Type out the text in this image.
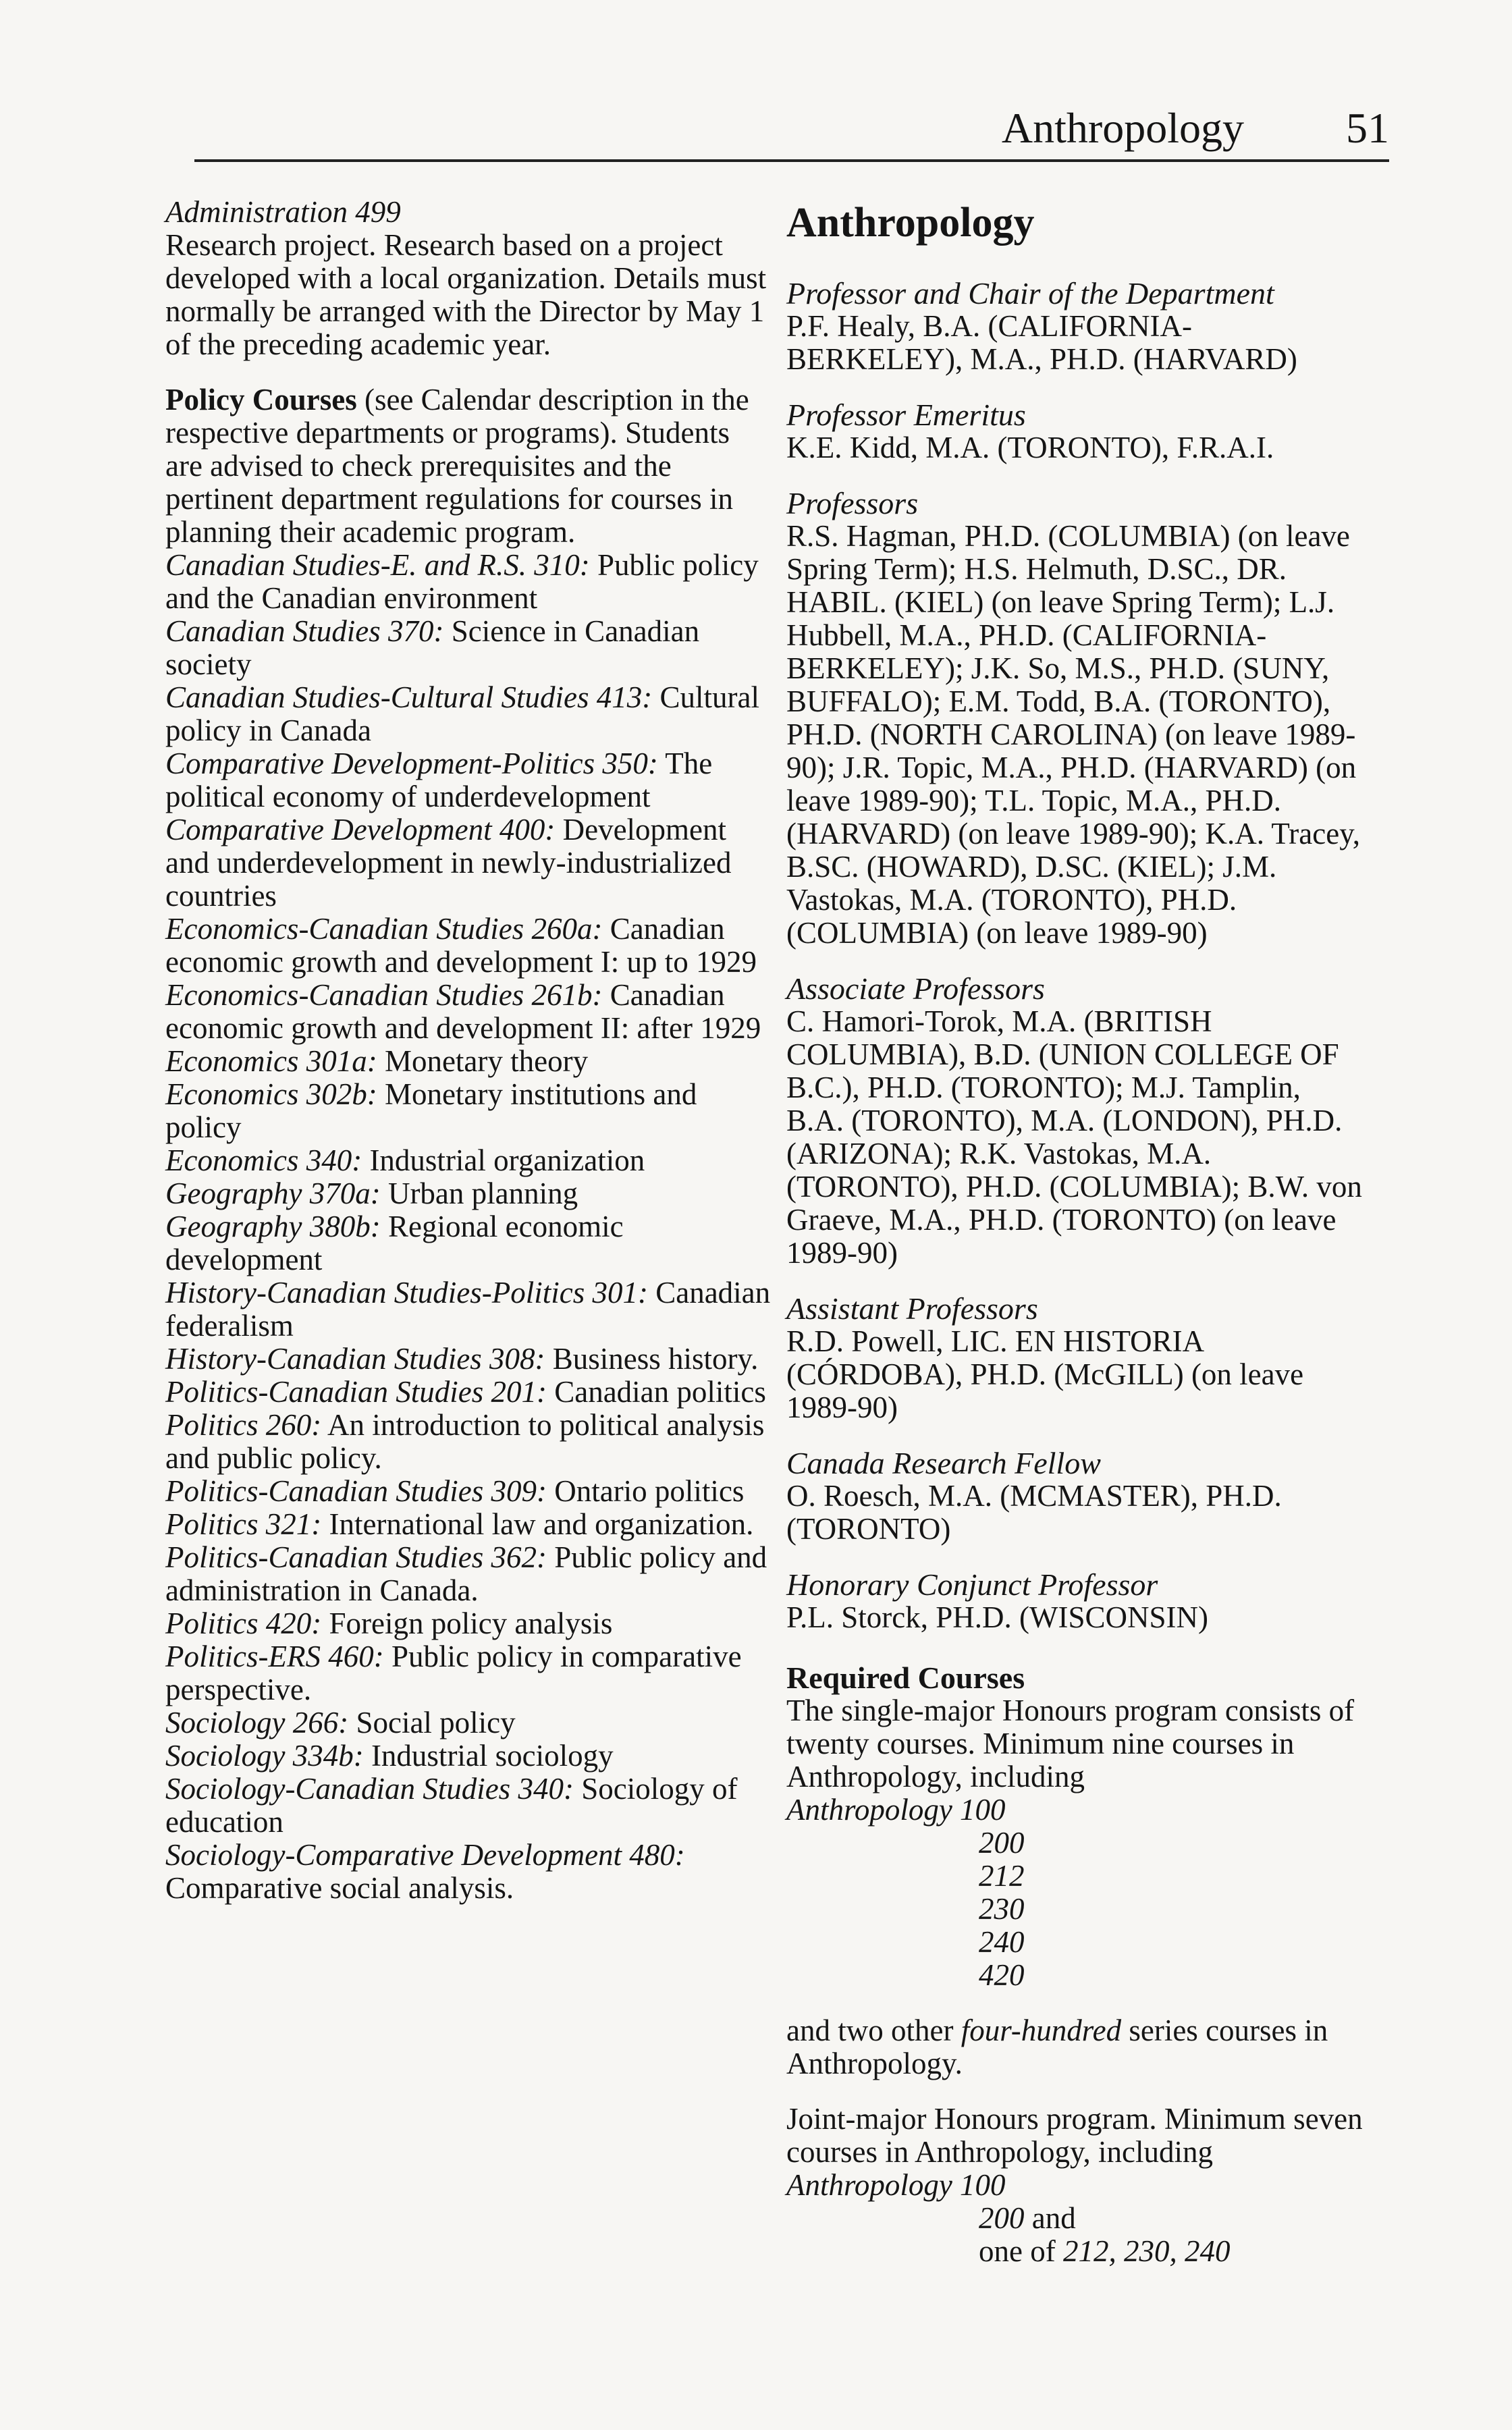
Anthropology 51
Administration 499
Research project. Research based on a project developed with a local organization. Details must normally be arranged with the Director by May 1 of the preceding academic year.
Policy Courses (see Calendar description in the respective departments or programs). Students are advised to check prerequisites and the pertinent department regulations for courses in planning their academic program.
Canadian Studies-E. and R.S. 310: Public policy and the Canadian environment
Canadian Studies 370: Science in Canadian society
Canadian Studies-Cultural Studies 413: Cultural policy in Canada
Comparative Development-Politics 350: The political economy of underdevelopment
Comparative Development 400: Development and underdevelopment in newly-industrialized countries
Economics-Canadian Studies 260a: Canadian economic growth and development I: up to 1929
Economics-Canadian Studies 261b: Canadian economic growth and development II: after 1929
Economics 301a: Monetary theory
Economics 302b: Monetary institutions and policy
Economics 340: Industrial organization
Geography 370a: Urban planning
Geography 380b: Regional economic development
History-Canadian Studies-Politics 301: Canadian federalism
History-Canadian Studies 308: Business history.
Politics-Canadian Studies 201: Canadian politics
Politics 260: An introduction to political analysis and public policy.
Politics-Canadian Studies 309: Ontario politics
Politics 321: International law and organization.
Politics-Canadian Studies 362: Public policy and administration in Canada.
Politics 420: Foreign policy analysis
Politics-ERS 460: Public policy in comparative perspective.
Sociology 266: Social policy
Sociology 334b: Industrial sociology
Sociology-Canadian Studies 340: Sociology of education
Sociology-Comparative Development 480: Comparative social analysis.
Anthropology
Professor and Chair of the Department
P.F. Healy, B.A. (CALIFORNIA-BERKELEY), M.A., PH.D. (HARVARD)
Professor Emeritus
K.E. Kidd, M.A. (TORONTO), F.R.A.I.
Professors
R.S. Hagman, PH.D. (COLUMBIA) (on leave Spring Term); H.S. Helmuth, D.SC., DR. HABIL. (KIEL) (on leave Spring Term); L.J. Hubbell, M.A., PH.D. (CALIFORNIA-BERKELEY); J.K. So, M.S., PH.D. (SUNY, BUFFALO); E.M. Todd, B.A. (TORONTO), PH.D. (NORTH CAROLINA) (on leave 1989-90); J.R. Topic, M.A., PH.D. (HARVARD) (on leave 1989-90); T.L. Topic, M.A., PH.D. (HARVARD) (on leave 1989-90); K.A. Tracey, B.SC. (HOWARD), D.SC. (KIEL); J.M. Vastokas, M.A. (TORONTO), PH.D. (COLUMBIA) (on leave 1989-90)
Associate Professors
C. Hamori-Torok, M.A. (BRITISH COLUMBIA), B.D. (UNION COLLEGE OF B.C.), PH.D. (TORONTO); M.J. Tamplin, B.A. (TORONTO), M.A. (LONDON), PH.D. (ARIZONA); R.K. Vastokas, M.A. (TORONTO), PH.D. (COLUMBIA); B.W. von Graeve, M.A., PH.D. (TORONTO) (on leave 1989-90)
Assistant Professors
R.D. Powell, LIC. EN HISTORIA (CÓRDOBA), PH.D. (McGILL) (on leave 1989-90)
Canada Research Fellow
O. Roesch, M.A. (MCMASTER), PH.D. (TORONTO)
Honorary Conjunct Professor
P.L. Storck, PH.D. (WISCONSIN)
Required Courses
The single-major Honours program consists of twenty courses. Minimum nine courses in Anthropology, including
Anthropology 100
200
212
230
240
420
and two other four-hundred series courses in Anthropology.
Joint-major Honours program. Minimum seven courses in Anthropology, including
Anthropology 100
200 and
one of 212, 230, 240
